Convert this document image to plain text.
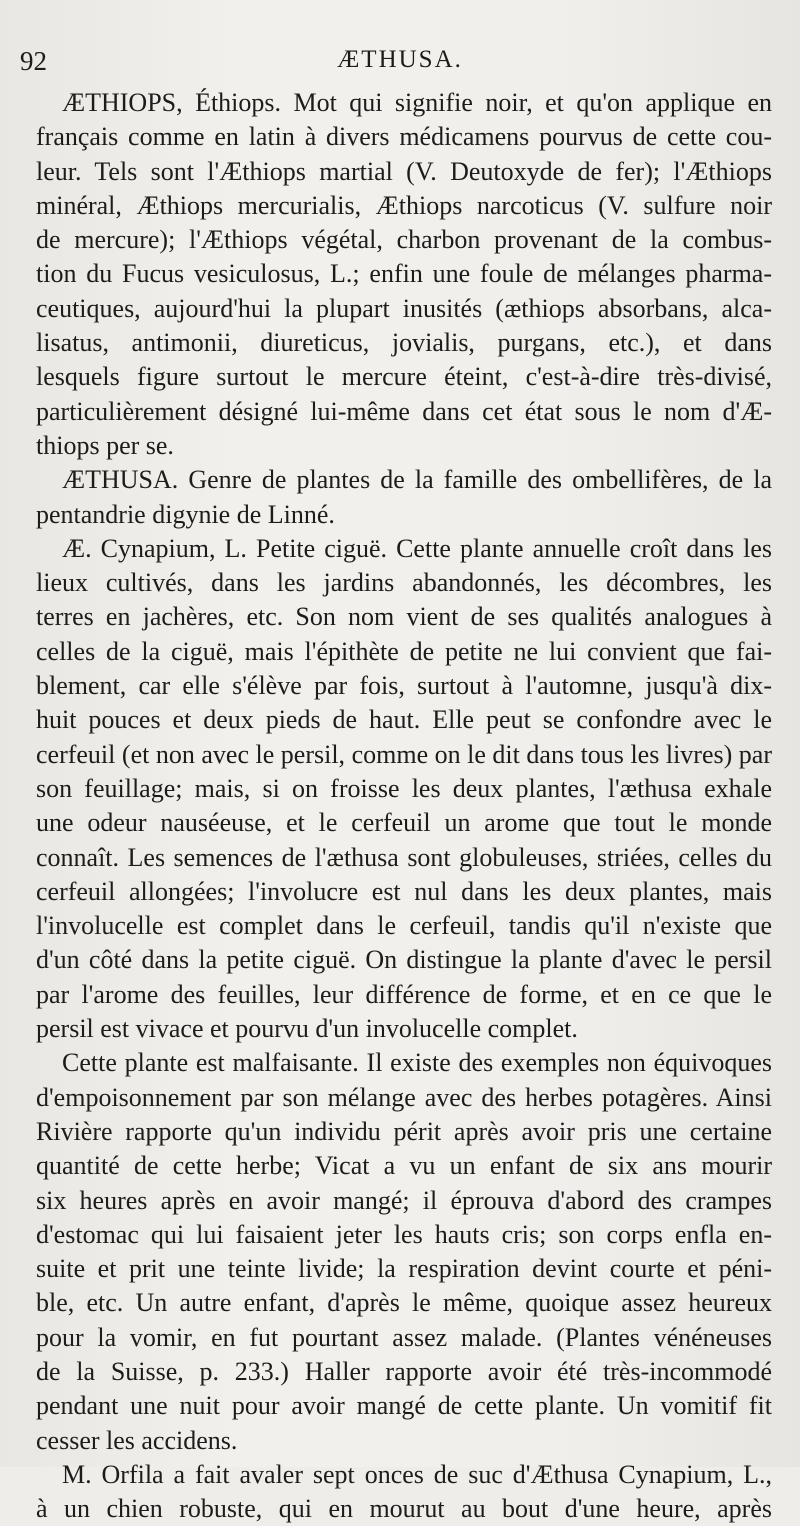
92	ÆTHUSA.
ÆTHIOPS, Éthiops. Mot qui signifie noir, et qu'on applique en
français comme en latin à divers médicamens pourvus de cette cou-
leur. Tels sont l'Æthiops martial (V. Deutoxyde de fer); l'Æthiops
minéral, Æthiops mercurialis, Æthiops narcoticus (V. sulfure noir
de mercure); l'Æthiops végétal, charbon provenant de la combus-
tion du Fucus vesiculosus, L.; enfin une foule de mélanges pharma-
ceutiques, aujourd'hui la plupart inusités (æthiops absorbans, alca-
lisatus, antimonii, diureticus, jovialis, purgans, etc.), et dans
lesquels figure surtout le mercure éteint, c'est-à-dire très-divisé,
particulièrement désigné lui-même dans cet état sous le nom d'Æ-
thiops per se.
ÆTHUSA. Genre de plantes de la famille des ombellifères, de la
pentandrie digynie de Linné.
Æ. Cynapium, L. Petite ciguë. Cette plante annuelle croît dans les
lieux cultivés, dans les jardins abandonnés, les décombres, les
terres en jachères, etc. Son nom vient de ses qualités analogues à
celles de la ciguë, mais l'épithète de petite ne lui convient que fai-
blement, car elle s'élève par fois, surtout à l'automne, jusqu'à dix-
huit pouces et deux pieds de haut. Elle peut se confondre avec le
cerfeuil (et non avec le persil, comme on le dit dans tous les livres) par
son feuillage; mais, si on froisse les deux plantes, l'æthusa exhale
une odeur nauséeuse, et le cerfeuil un arome que tout le monde
connaît. Les semences de l'æthusa sont globuleuses, striées, celles du
cerfeuil allongées; l'involucre est nul dans les deux plantes, mais
l'involucelle est complet dans le cerfeuil, tandis qu'il n'existe que
d'un côté dans la petite ciguë. On distingue la plante d'avec le persil
par l'arome des feuilles, leur différence de forme, et en ce que le
persil est vivace et pourvu d'un involucelle complet.
Cette plante est malfaisante. Il existe des exemples non équivoques
d'empoisonnement par son mélange avec des herbes potagères. Ainsi
Rivière rapporte qu'un individu périt après avoir pris une certaine
quantité de cette herbe; Vicat a vu un enfant de six ans mourir
six heures après en avoir mangé; il éprouva d'abord des crampes
d'estomac qui lui faisaient jeter les hauts cris; son corps enfla en-
suite et prit une teinte livide; la respiration devint courte et péni-
ble, etc. Un autre enfant, d'après le même, quoique assez heureux
pour la vomir, en fut pourtant assez malade. (Plantes vénéneuses
de la Suisse, p. 233.) Haller rapporte avoir été très-incommodé
pendant une nuit pour avoir mangé de cette plante. Un vomitif fit
cesser les accidens.
M. Orfila a fait avaler sept onces de suc d'Æthusa Cynapium, L.,
à un chien robuste, qui en mourut au bout d'une heure, après
